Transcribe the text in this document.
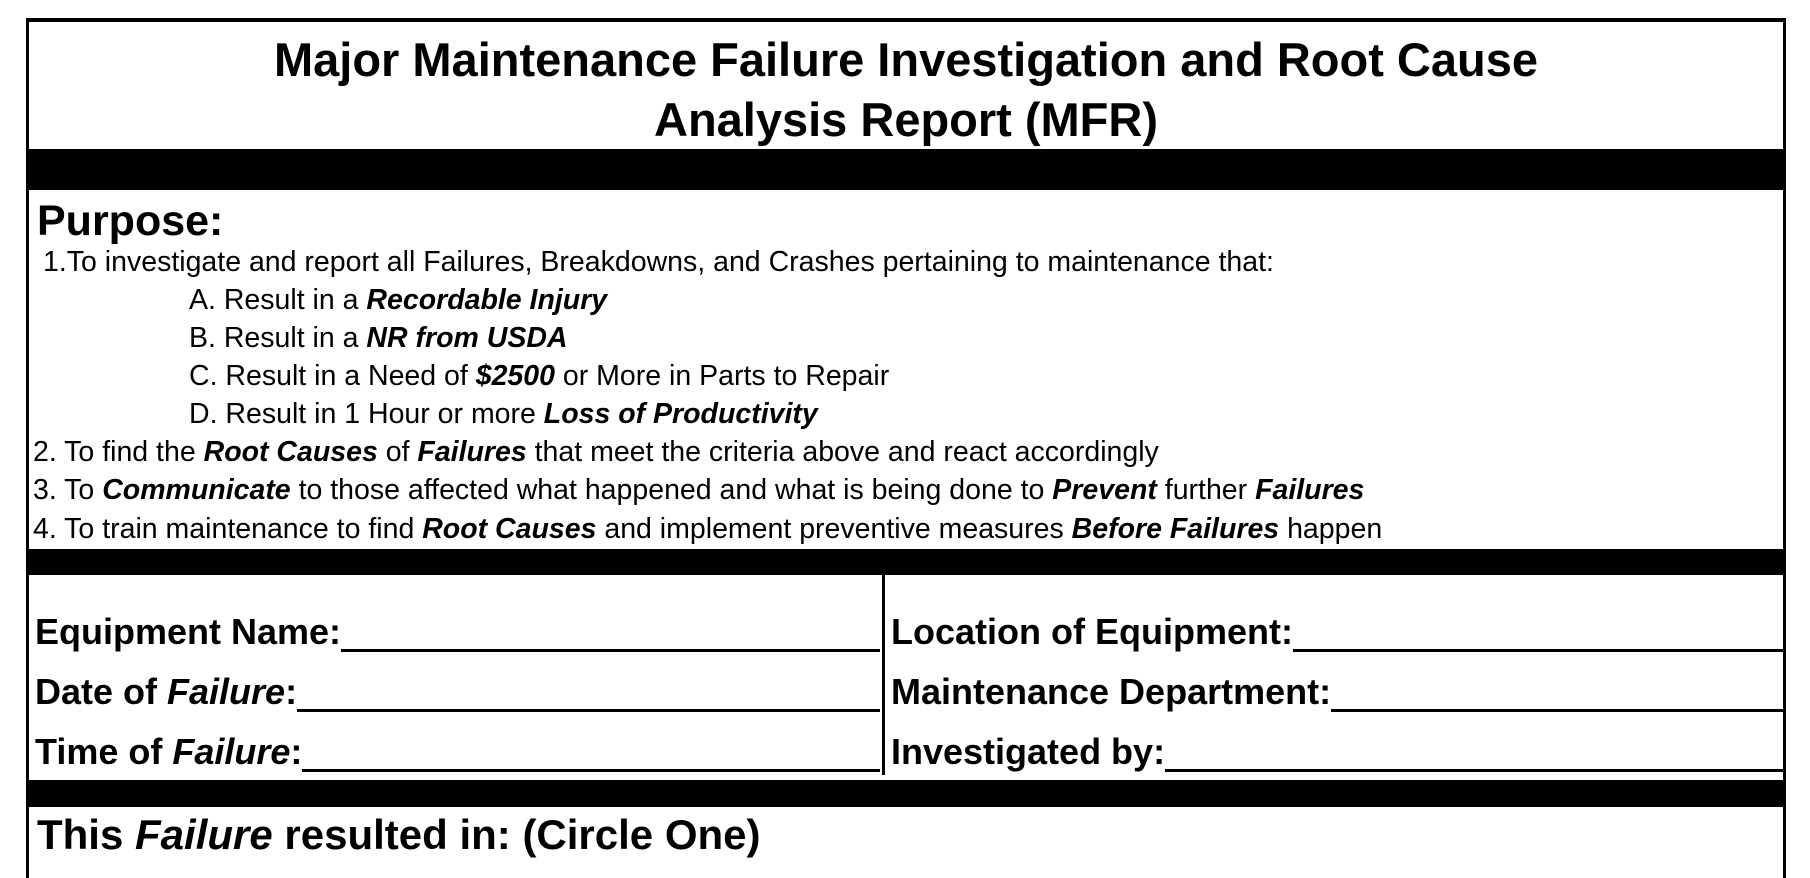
Major Maintenance Failure Investigation and Root Cause
Analysis Report (MFR)
Purpose:
1.To investigate and report all Failures, Breakdowns, and Crashes pertaining to maintenance that:
A. Result in a Recordable Injury
B. Result in a NR from USDA
C. Result in a Need of $2500 or More in Parts to Repair
D. Result in 1 Hour or more Loss of Productivity
2. To find the Root Causes of Failures that meet the criteria above and react accordingly
3. To Communicate to those affected what happened and what is being done to Prevent further Failures
4. To train maintenance to find Root Causes and implement preventive measures Before Failures happen
Equipment Name:
Date of Failure:
Time of Failure:
Location of Equipment:
Maintenance Department:
Investigated by:
This Failure resulted in: (Circle One)
